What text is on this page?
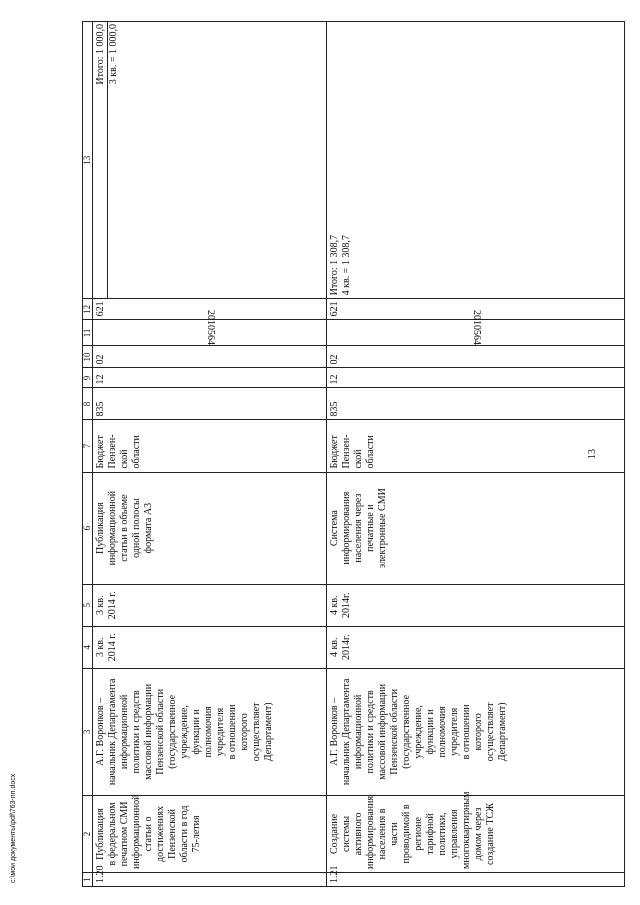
13
1	2	3	4	5	6	7	8	9	10	11	12	13
1.20	Публикация
в федеральном
печатном СМИ
информационной
статьи о
достижениях
Пензенской
области в год
75-летия	А.Г. Воронков –
начальник Департамента
информационной
политики и средств
массовой информации
Пензенской области
(государственное
учреждение,
функции и
полномочия
учредителя
в отношении
которого
осуществляет
Департамент)	3 кв.
2014 г.	3 кв.
2014 г.	Публикация
информационной
статьи в объеме
одной полосы
формата А3	Бюджет
Пензен-
ской
области	835	12	02	2010564	621	
Итого: 1 000,03 кв. = 1 000,0

1.21	Создание системы
активного
информирования
населения в части
проводимой в
регионе тарифной
политики,
управления
многоквартирным
домом через
создание ТСЖ	А.Г. Воронков –
начальник Департамента
информационной
политики и средств
массовой информации
Пензенской области
(государственное
учреждение,
функции и
полномочия
учредителя
в отношении
которого
осуществляет
Департамент)	4 кв.
2014г.	4 кв.
2014г.	Система
информирования
населения через
печатные и
электронные СМИ	Бюджет
Пензен-
ской
области	835	12	02	2010564	621	
Итого: 1 308,7 4 кв. = 1 308,7
c:\мои документы\pdf\763-пп.docx
